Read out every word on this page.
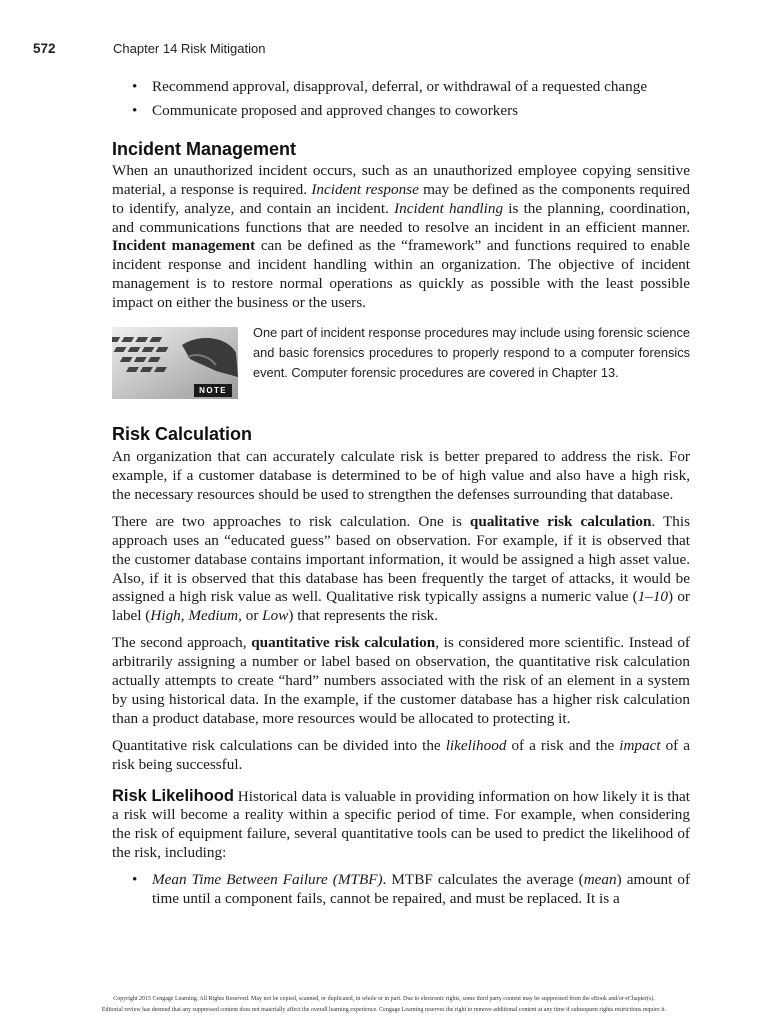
572	Chapter 14 Risk Mitigation
• Recommend approval, disapproval, deferral, or withdrawal of a requested change
• Communicate proposed and approved changes to coworkers
Incident Management

When an unauthorized incident occurs, such as an unauthorized employee copying sensitive material, a response is required. Incident response may be defined as the components required to identify, analyze, and contain an incident. Incident handling is the planning, coordination, and communications functions that are needed to resolve an incident in an efficient manner. Incident management can be defined as the “framework” and functions required to enable incident response and incident handling within an organization. The objective of incident management is to restore normal operations as quickly as possible with the least possible impact on either the business or the users.

NOTE
One part of incident response procedures may include using forensic science and basic forensics procedures to properly respond to a computer forensics event. Computer forensic procedures are covered in Chapter 13.
Risk Calculation

An organization that can accurately calculate risk is better prepared to address the risk. For example, if a customer database is determined to be of high value and also have a high risk, the necessary resources should be used to strengthen the defenses surrounding that database.

There are two approaches to risk calculation. One is qualitative risk calculation. This approach uses an “educated guess” based on observation. For example, if it is observed that the customer database contains important information, it would be assigned a high asset value. Also, if it is observed that this database has been frequently the target of attacks, it would be assigned a high risk value as well. Qualitative risk typically assigns a numeric value (1–10) or label (High, Medium, or Low) that represents the risk.

The second approach, quantitative risk calculation, is considered more scientific. Instead of arbitrarily assigning a number or label based on observation, the quantitative risk calculation actually attempts to create “hard” numbers associated with the risk of an element in a system by using historical data. In the example, if the customer database has a higher risk calculation than a product database, more resources would be allocated to protecting it.

Quantitative risk calculations can be divided into the likelihood of a risk and the impact of a risk being successful.

Risk Likelihood Historical data is valuable in providing information on how likely it is that a risk will become a reality within a specific period of time. For example, when considering the risk of equipment failure, several quantitative tools can be used to predict the likelihood of the risk, including:

• Mean Time Between Failure (MTBF). MTBF calculates the average (mean) amount of time until a component fails, cannot be repaired, and must be replaced. It is a
Copyright 2015 Cengage Learning. All Rights Reserved. May not be copied, scanned, or duplicated, in whole or in part. Due to electronic rights, some third party content may be suppressed from the eBook and/or eChapter(s).
Editorial review has deemed that any suppressed content does not materially affect the overall learning experience. Cengage Learning reserves the right to remove additional content at any time if subsequent rights restrictions require it.
